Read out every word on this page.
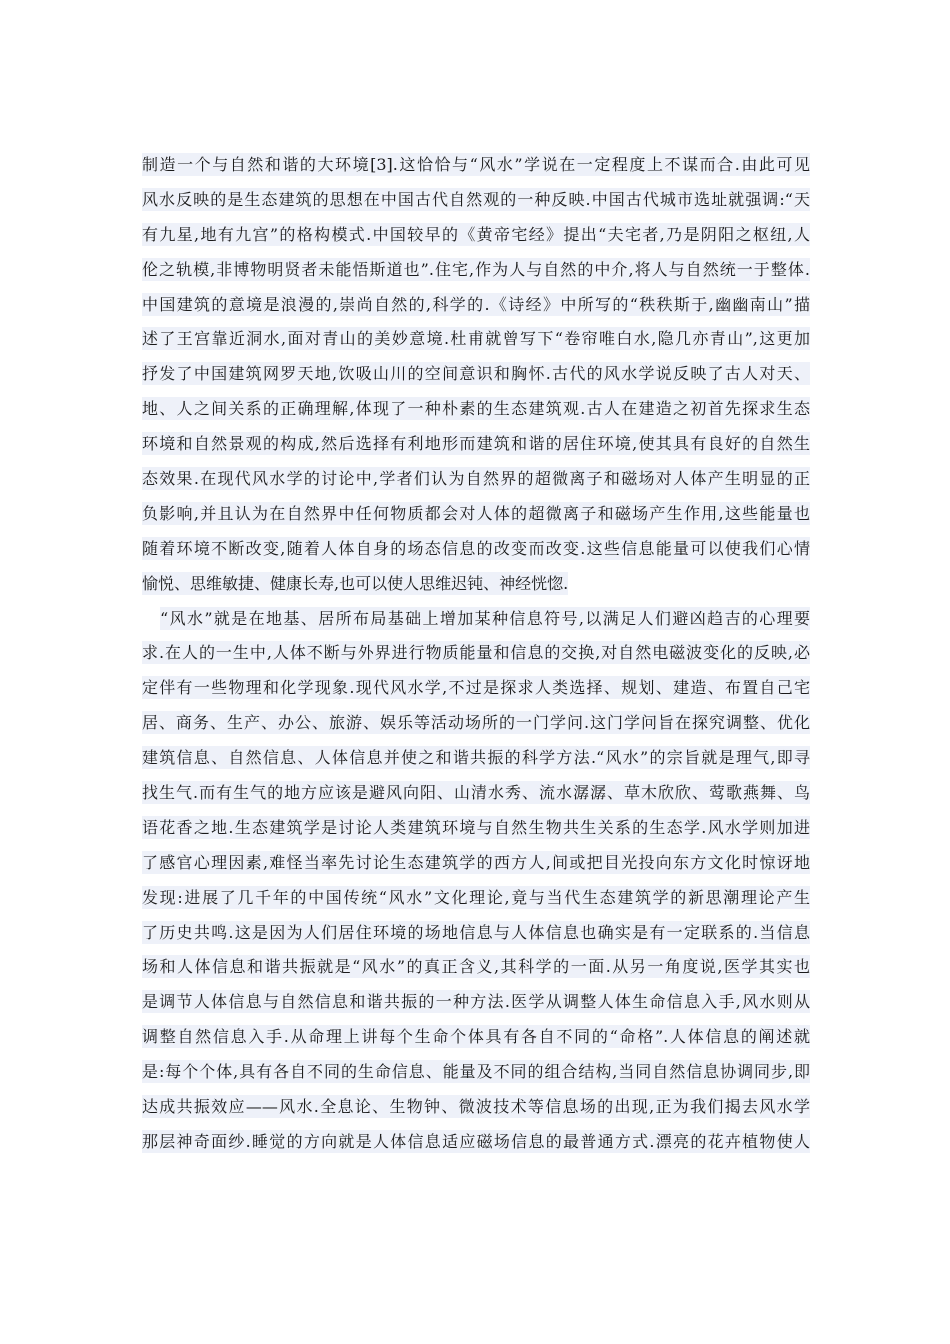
制造一个与自然和谐的大环境[3].这恰恰与“风水”学说在一定程度上不谋而合.由此可见
风水反映的是生态建筑的思想在中国古代自然观的一种反映.中国古代城市选址就强调:“天
有九星,地有九宫”的格构模式.中国较早的《黄帝宅经》提出“夫宅者,乃是阴阳之枢纽,人
伦之轨模,非博物明贤者未能悟斯道也”.住宅,作为人与自然的中介,将人与自然统一于整体.
中国建筑的意境是浪漫的,崇尚自然的,科学的.《诗经》中所写的“秩秩斯于,幽幽南山”描
述了王宫靠近洞水,面对青山的美妙意境.杜甫就曾写下“卷帘唯白水,隐几亦青山”,这更加
抒发了中国建筑网罗天地,饮吸山川的空间意识和胸怀.古代的风水学说反映了古人对天、
地、人之间关系的正确理解,体现了一种朴素的生态建筑观.古人在建造之初首先探求生态
环境和自然景观的构成,然后选择有利地形而建筑和谐的居住环境,使其具有良好的自然生
态效果.在现代风水学的讨论中,学者们认为自然界的超微离子和磁场对人体产生明显的正
负影响,并且认为在自然界中任何物质都会对人体的超微离子和磁场产生作用,这些能量也
随着环境不断改变,随着人体自身的场态信息的改变而改变.这些信息能量可以使我们心情
愉悦、思维敏捷、健康长寿,也可以使人思维迟钝、神经恍惚.
“风水”就是在地基、居所布局基础上增加某种信息符号,以满足人们避凶趋吉的心理要
求.在人的一生中,人体不断与外界进行物质能量和信息的交换,对自然电磁波变化的反映,必
定伴有一些物理和化学现象.现代风水学,不过是探求人类选择、规划、建造、布置自己宅
居、商务、生产、办公、旅游、娱乐等活动场所的一门学问.这门学问旨在探究调整、优化
建筑信息、自然信息、人体信息并使之和谐共振的科学方法.“风水”的宗旨就是理气,即寻
找生气.而有生气的地方应该是避风向阳、山清水秀、流水潺潺、草木欣欣、莺歌燕舞、鸟
语花香之地.生态建筑学是讨论人类建筑环境与自然生物共生关系的生态学.风水学则加进
了感官心理因素,难怪当率先讨论生态建筑学的西方人,间或把目光投向东方文化时惊讶地
发现:进展了几千年的中国传统“风水”文化理论,竟与当代生态建筑学的新思潮理论产生
了历史共鸣.这是因为人们居住环境的场地信息与人体信息也确实是有一定联系的.当信息
场和人体信息和谐共振就是“风水”的真正含义,其科学的一面.从另一角度说,医学其实也
是调节人体信息与自然信息和谐共振的一种方法.医学从调整人体生命信息入手,风水则从
调整自然信息入手.从命理上讲每个生命个体具有各自不同的“命格”.人体信息的阐述就
是:每个个体,具有各自不同的生命信息、能量及不同的组合结构,当同自然信息协调同步,即
达成共振效应——风水.全息论、生物钟、微波技术等信息场的出现,正为我们揭去风水学
那层神奇面纱.睡觉的方向就是人体信息适应磁场信息的最普通方式.漂亮的花卉植物使人
